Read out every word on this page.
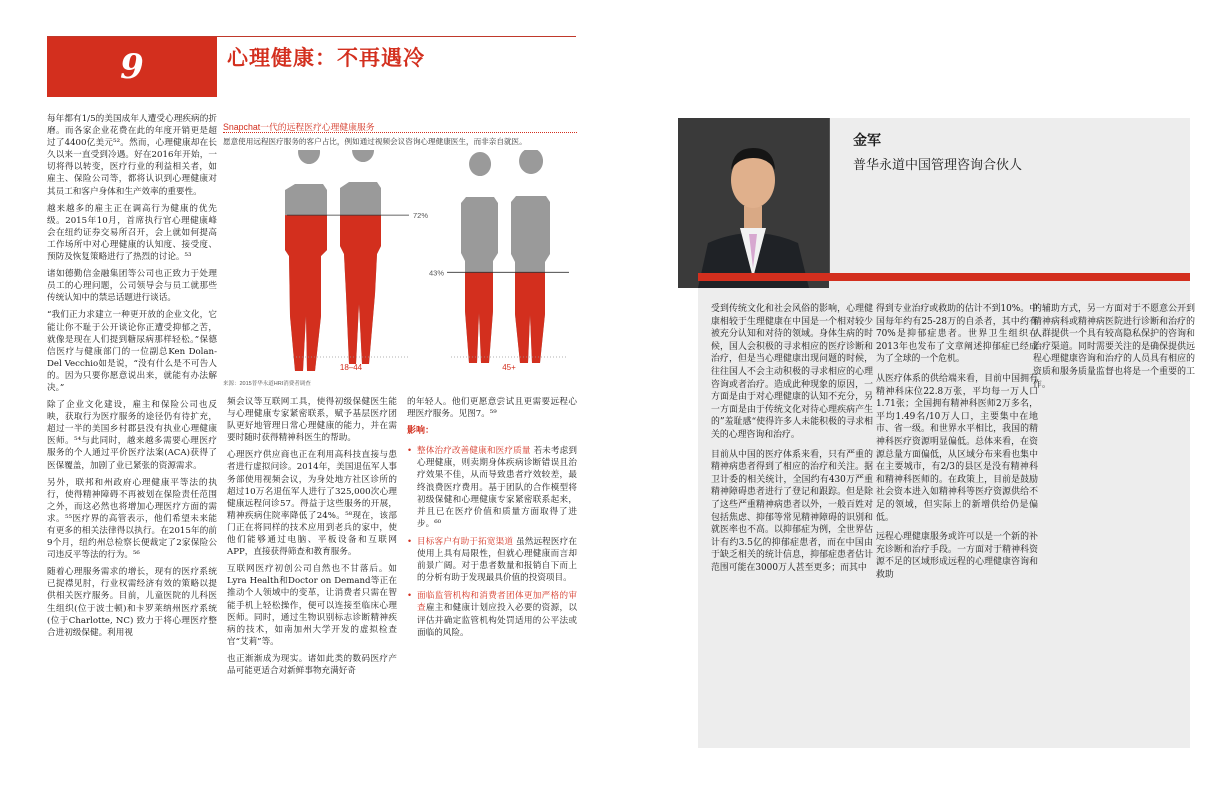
9	心理健康：不再遇冷

每年都有1/5的美国成年人遭受心理疾病的折磨。而各家企业花费在此的年度开销更是超过了4400亿美元⁵²。然而，心理健康却在长久以来一直受到冷遇。好在2016年开始，一切将得以转变，医疗行业的利益相关者，如雇主、保险公司等，都将认识到心理健康对其员工和客户身体和生产效率的重要性。

越来越多的雇主正在调高行为健康的优先级。2015年10月，首席执行官心理健康峰会在纽约证券交易所召开，会上就如何提高工作场所中对心理健康的认知度、接受度、预防及恢复策略进行了热烈的讨论。⁵³

诸如德勤信金融集团等公司也正致力于处理员工的心理问题，公司领导会与员工就那些传统认知中的禁忌话题进行谈话。

“我们正力求建立一种更开放的企业文化，它能让你不耻于公开谈论你正遭受抑郁之苦，就像是现在人们提到糖尿病那样轻松。”保德信医疗与健康部门的一位副总Ken Dolan-Del Vecchio如是说，“没有什么是不可告人的。因为只要你愿意说出来，就能有办法解决。”

除了企业文化建设，雇主和保险公司也反映，获取行为医疗服务的途径仍有待扩充，超过一半的美国乡村郡县没有执业心理健康医师。⁵⁴与此同时，越来越多需要心理医疗服务的个人通过平价医疗法案(ACA)获得了医保覆盖，加剧了业已紧张的资源需求。

另外，联邦和州政府心理健康平等法的执行，使得精神障碍不再被划在保险责任范围之外，而这必然也将增加心理医疗方面的需求。⁵⁵医疗界的高管表示，他们希望未来能有更多的相关法律得以执行。在2015年的前9个月，纽约州总检察长便裁定了2家保险公司违反平等法的行为。⁵⁶

随着心理服务需求的增长，现有的医疗系统已捉襟见肘，行业权需经济有效的策略以提供相关医疗服务。目前，儿童医院的儿科医生组织(位于波士顿)和卡罗莱纳州医疗系统(位于Charlotte, NC) 致力于将心理医疗整合进初级保健。利用视

Snapchat一代的远程医疗心理健康服务
愿意使用远程医疗服务的客户占比，例如通过视频会议咨询心理健康医生，而非亲自就医。
72%
43%
18–44	45+
来源：2015普华永道HRI消费者调查

频会议等互联网工具，使得初级保健医生能与心理健康专家紧密联系，赋予基层医疗团队更好地管理日常心理健康的能力，并在需要时随时获得精神科医生的帮助。

心理医疗供应商也正在利用高科技直接与患者进行虚拟问诊。2014年，美国退伍军人事务部使用视频会议，为身处地方社区诊所的超过10万名退伍军人进行了325,000次心理健康远程问诊57。得益于这些服务的开展，精神疾病住院率降低了24%。⁵⁸现在，该部门正在将同样的技术应用到老兵的家中，使他们能够通过电脑、平板设备和互联网APP，直接获得筛查和教育服务。

互联网医疗初创公司自然也不甘落后。如Lyra Health和Doctor on Demand等正在推动个人领域中的变革，让消费者只需在智能手机上轻松操作，便可以连接至临床心理医师。同时，通过生物识别标志诊断精神疾病的技术，如南加州大学开发的虚拟检查官“艾莉”等。

也正渐渐成为现实。诸如此类的数码医疗产品可能更适合对新鲜事物充满好奇

的年轻人。他们更愿意尝试且更需要远程心理医疗服务。见图7。⁵⁹

影响：
• 整体治疗改善健康和医疗质量 若未考虑到心理健康，则卖期身体疾病诊断错误且治疗效果不佳，从而导致患者疗效较差，最终浪费医疗费用。基于团队的合作模型将初级保健和心理健康专家紧密联系起来，并且已在医疗价值和质量方面取得了进步。⁶⁰
• 目标客户有助于拓宽渠道 虽然远程医疗在使用上具有局限性，但就心理健康而言却前景广阔。对于患者数量和报销自下而上的分析有助于发现最具价值的投资项目。
• 面临监管机构和消费者团体更加严格的审查雇主和健康计划应投入必要的资源，以评估并确定监管机构处罚适用的公平法或面临的风险。
金军
普华永道中国管理咨询合伙人

受到传统文化和社会风俗的影响，心理健康相较于生理健康在中国是一个相对较少被充分认知和对待的领域。身体生病的时候，国人会积极的寻求相应的医疗诊断和治疗，但是当心理健康出现问题的时候，往往国人不会主动积极的寻求相应的心理咨询或者治疗。造成此种现象的原因，一方面是由于对心理健康的认知不充分，另一方面是由于传统文化对待心理疾病产生的”羞耻感“使得许多人未能积极的寻求相关的心理咨询和治疗。

目前从中国的医疗体系来看，只有严重的精神病患者得到了相应的治疗和关注。据卫计委的相关统计，全国约有430万严重精神障碍患者进行了登记和跟踪。但是除了这些严重精神病患者以外，一般百姓对包括焦虑、抑郁等常见精神障碍的识别和就医率也不高。以抑郁症为例，全世界估计有约3.5亿的抑郁症患者，而在中国由于缺乏相关的统计信息，抑郁症患者估计范围可能在3000万人甚至更多；而其中

得到专业治疗或救助的估计不到10%。中国每年约有25-28万的自杀者，其中约有70%是抑郁症患者。世界卫生组织在2013年也发布了文章阐述抑郁症已经成为了全球的一个危机。

从医疗体系的供给端来看，目前中国拥有精神科床位22.8万张，平均每一万人口1.71张；全国拥有精神科医师2万多名，平均1.49名/10万人口，主要集中在地市、省一级。和世界水平相比，我国的精神科医疗资源明显偏低。总体来看，在资源总量方面偏低，从区域分布来看也集中在主要城市，有2/3的县区是没有精神科和精神科医师的。在政策上，目前是鼓励社会资本进入如精神科等医疗资源供给不足的领域，但实际上的新增供给仍是偏低。

远程心理健康服务或许可以是一个新的补充诊断和治疗手段。一方面对于精神科资源不足的区域形成远程的心理健康咨询和救助

的辅助方式，另一方面对于不愿意公开到精神病科或精神病医院进行诊断和治疗的人群提供一个具有较高隐私保护的咨询和治疗渠道。同时需要关注的是确保提供远程心理健康咨询和治疗的人员具有相应的资质和服务质量监督也将是一个重要的工作。
